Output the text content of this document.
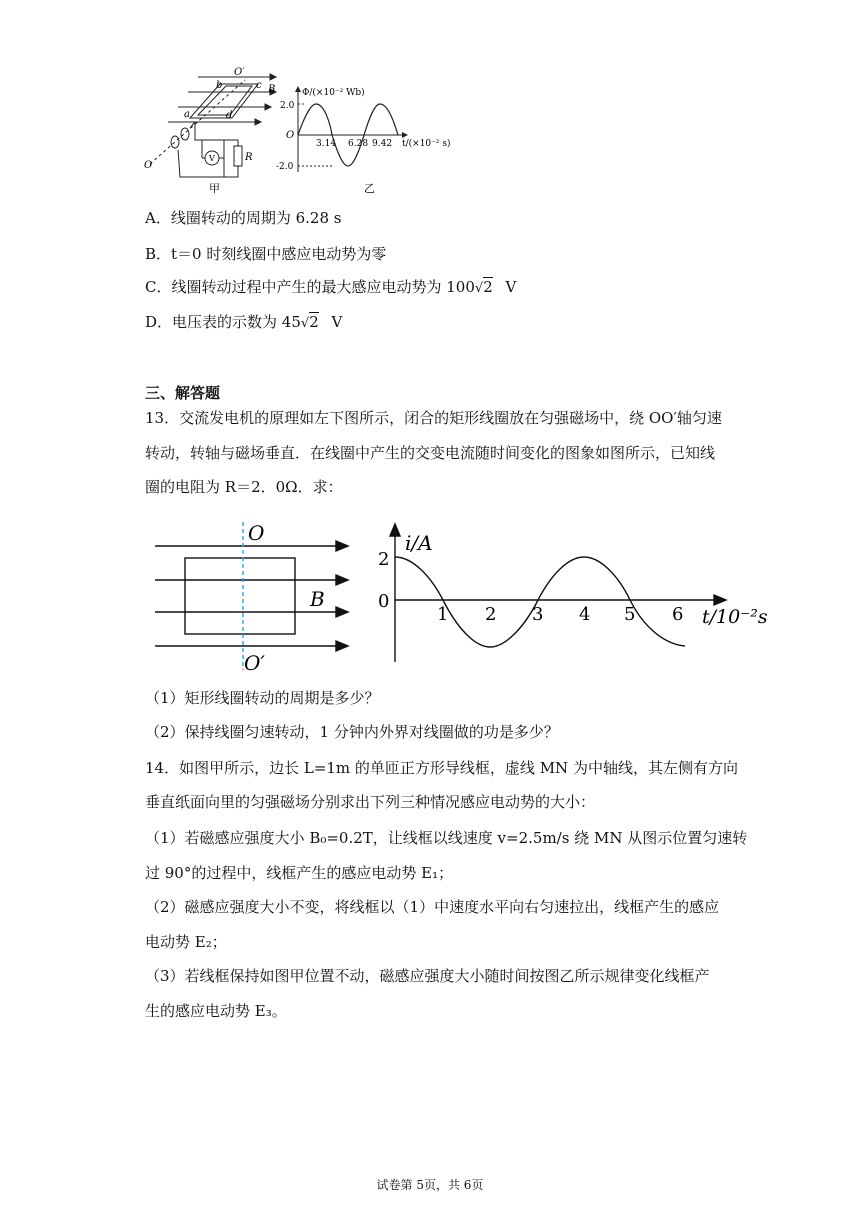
O′
b	c B
a	d
V	R
O
甲
Φ/(×10⁻² Wb)
2.0
O
-2.0
3.14 6.28 9.42 t/(×10⁻² s)
乙
A．线圈转动的周期为 6.28 s
B．t＝0 时刻线圈中感应电动势为零
C．线圈转动过程中产生的最大感应电动势为 100√2 V
D．电压表的示数为 45√2 V
三、解答题
13．交流发电机的原理如左下图所示，闭合的矩形线圈放在匀强磁场中，绕 OO′轴匀速
转动，转轴与磁场垂直．在线圈中产生的交变电流随时间变化的图象如图所示，已知线
圈的电阻为 R＝2．0Ω．求：
O
O′
B
i/A
2
0
1 2 3 4 5 6 t/10⁻²s
（1）矩形线圈转动的周期是多少？
（2）保持线圈匀速转动，1 分钟内外界对线圈做的功是多少？
14．如图甲所示，边长 L=1m 的单匝正方形导线框，虚线 MN 为中轴线，其左侧有方向
垂直纸面向里的匀强磁场分别求出下列三种情况感应电动势的大小：
（1）若磁感应强度大小 B₀=0.2T，让线框以线速度 v=2.5m/s 绕 MN 从图示位置匀速转
过 90°的过程中，线框产生的感应电动势 E₁；
（2）磁感应强度大小不变，将线框以（1）中速度水平向右匀速拉出，线框产生的感应
电动势 E₂；
（3）若线框保持如图甲位置不动，磁感应强度大小随时间按图乙所示规律变化线框产
生的感应电动势 E₃。
试卷第 5页，共 6页
